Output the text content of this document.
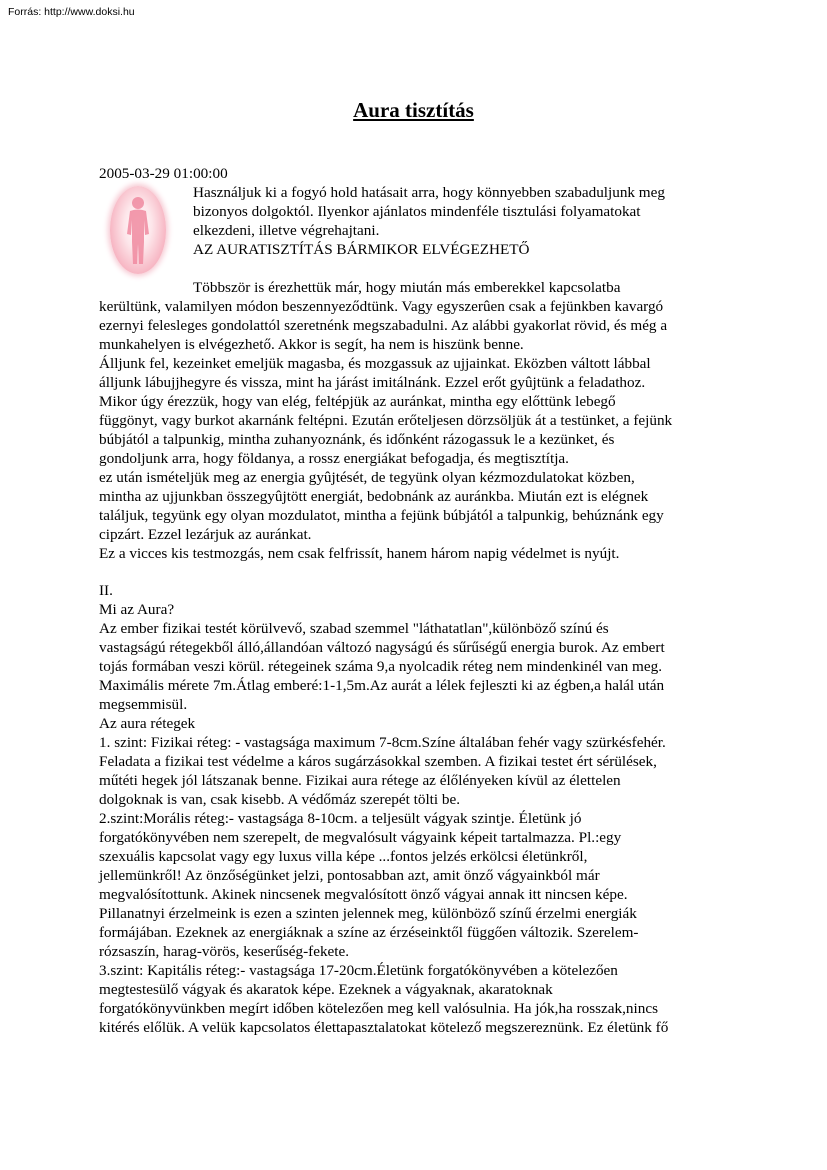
Forrás: http://www.doksi.hu
Aura tisztítás
2005-03-29 01:00:00
Használjuk ki a fogyó hold hatásait arra, hogy könnyebben szabaduljunk meg
bizonyos dolgoktól. Ilyenkor ajánlatos mindenféle tisztulási folyamatokat
elkezdeni, illetve végrehajtani.
AZ AURATISZTÍTÁS BÁRMIKOR ELVÉGEZHETŐ
Többször is érezhettük már, hogy miután más emberekkel kapcsolatba
kerültünk, valamilyen módon beszennyeződtünk. Vagy egyszerûen csak a fejünkben kavargó
ezernyi felesleges gondolattól szeretnénk megszabadulni. Az alábbi gyakorlat rövid, és még a
munkahelyen is elvégezhető. Akkor is segít, ha nem is hiszünk benne.
Álljunk fel, kezeinket emeljük magasba, és mozgassuk az ujjainkat. Eközben váltott lábbal
álljunk lábujjhegyre és vissza, mint ha járást imitálnánk. Ezzel erőt gyûjtünk a feladathoz.
Mikor úgy érezzük, hogy van elég, feltépjük az auránkat, mintha egy előttünk lebegő
függönyt, vagy burkot akarnánk feltépni. Ezután erőteljesen dörzsöljük át a testünket, a fejünk
búbjától a talpunkig, mintha zuhanyoznánk, és időnként rázogassuk le a kezünket, és
gondoljunk arra, hogy földanya, a rossz energiákat befogadja, és megtisztítja.
ez után ismételjük meg az energia gyûjtését, de tegyünk olyan kézmozdulatokat közben,
mintha az ujjunkban összegyûjtött energiát, bedobnánk az auránkba. Miután ezt is elégnek
találjuk, tegyünk egy olyan mozdulatot, mintha a fejünk búbjától a talpunkig, behúznánk egy
cipzárt. Ezzel lezárjuk az auránkat.
Ez a vicces kis testmozgás, nem csak felfrissít, hanem három napig védelmet is nyújt.
II.
Mi az Aura?
Az ember fizikai testét körülvevő, szabad szemmel "láthatatlan",különböző színú és
vastagságú rétegekből álló,állandóan változó nagyságú és sűrűségű energia burok. Az embert
tojás formában veszi körül. rétegeinek száma 9,a nyolcadik réteg nem mindenkinél van meg.
Maximális mérete 7m.Átlag emberé:1-1,5m.Az aurát a lélek fejleszti ki az égben,a halál után
megsemmisül.
Az aura rétegek
1. szint: Fizikai réteg: - vastagsága maximum 7-8cm.Színe általában fehér vagy szürkésfehér.
Feladata a fizikai test védelme a káros sugárzásokkal szemben. A fizikai testet ért sérülések,
műtéti hegek jól látszanak benne. Fizikai aura rétege az élőlényeken kívül az élettelen
dolgoknak is van, csak kisebb. A védőmáz szerepét tölti be.
2.szint:Morális réteg:- vastagsága 8-10cm. a teljesült vágyak szintje. Életünk jó
forgatókönyvében nem szerepelt, de megvalósult vágyaink képeit tartalmazza. Pl.:egy
szexuális kapcsolat vagy egy luxus villa képe ...fontos jelzés erkölcsi életünkről,
jellemünkről! Az önzőségünket jelzi, pontosabban azt, amit önző vágyainkból már
megvalósítottunk. Akinek nincsenek megvalósított önző vágyai annak itt nincsen képe.
Pillanatnyi érzelmeink is ezen a szinten jelennek meg, különböző színű érzelmi energiák
formájában. Ezeknek az energiáknak a színe az érzéseinktől függően változik. Szerelem-
rózsaszín, harag-vörös, keserűség-fekete.
3.szint: Kapitális réteg:- vastagsága 17-20cm.Életünk forgatókönyvében a kötelezően
megtestesülő vágyak és akaratok képe. Ezeknek a vágyaknak, akaratoknak
forgatókönyvünkben megírt időben kötelezően meg kell valósulnia. Ha jók,ha rosszak,nincs
kitérés előlük. A velük kapcsolatos élettapasztalatokat kötelező megszereznünk. Ez életünk fő
